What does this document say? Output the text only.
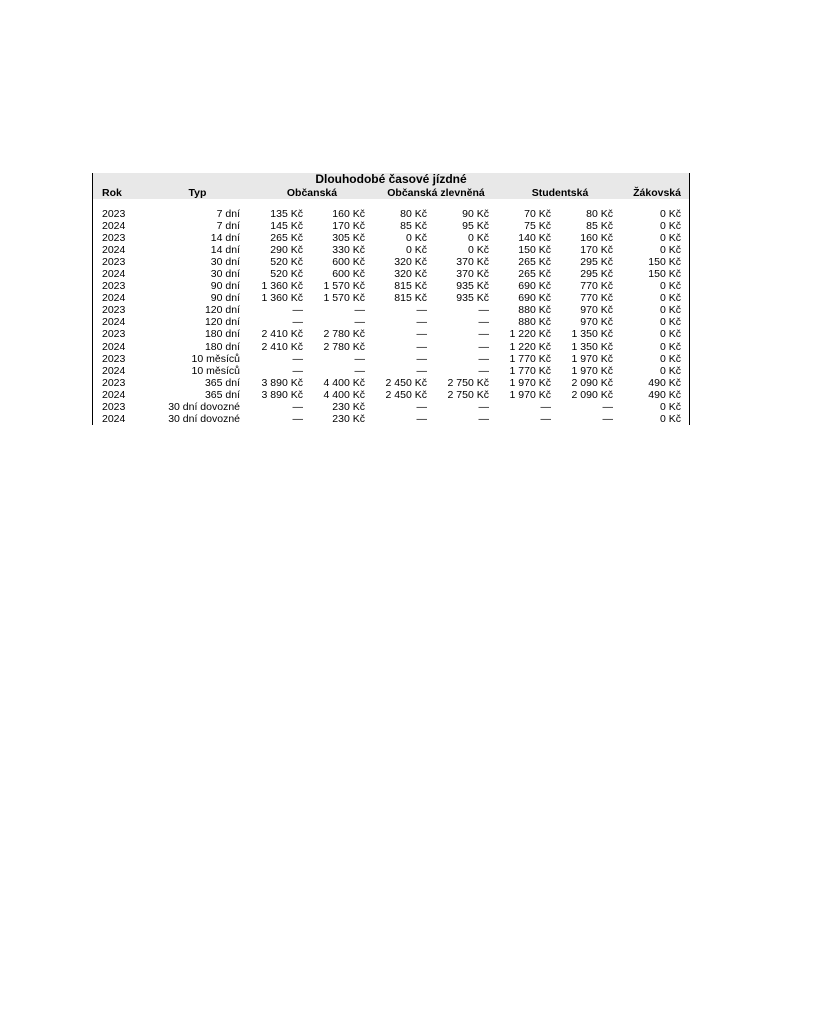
Dlouhodobé časové jízdné								
Rok	Typ	Občanská		Občanská zlevněná		Studentská		Žákovská

2023	7 dní	135 Kč	160 Kč	80 Kč	90 Kč	70 Kč	80 Kč	0 Kč
2024	7 dní	145 Kč	170 Kč	85 Kč	95 Kč	75 Kč	85 Kč	0 Kč
2023	14 dní	265 Kč	305 Kč	0 Kč	0 Kč	140 Kč	160 Kč	0 Kč
2024	14 dní	290 Kč	330 Kč	0 Kč	0 Kč	150 Kč	170 Kč	0 Kč
2023	30 dní	520 Kč	600 Kč	320 Kč	370 Kč	265 Kč	295 Kč	150 Kč
2024	30 dní	520 Kč	600 Kč	320 Kč	370 Kč	265 Kč	295 Kč	150 Kč
2023	90 dní	1 360 Kč	1 570 Kč	815 Kč	935 Kč	690 Kč	770 Kč	0 Kč
2024	90 dní	1 360 Kč	1 570 Kč	815 Kč	935 Kč	690 Kč	770 Kč	0 Kč
2023	120 dní	—	—	—	—	880 Kč	970 Kč	0 Kč
2024	120 dní	—	—	—	—	880 Kč	970 Kč	0 Kč
2023	180 dní	2 410 Kč	2 780 Kč	—	—	1 220 Kč	1 350 Kč	0 Kč
2024	180 dní	2 410 Kč	2 780 Kč	—	—	1 220 Kč	1 350 Kč	0 Kč
2023	10 měsíců	—	—	—	—	1 770 Kč	1 970 Kč	0 Kč
2024	10 měsíců	—	—	—	—	1 770 Kč	1 970 Kč	0 Kč
2023	365 dní	3 890 Kč	4 400 Kč	2 450 Kč	2 750 Kč	1 970 Kč	2 090 Kč	490 Kč
2024	365 dní	3 890 Kč	4 400 Kč	2 450 Kč	2 750 Kč	1 970 Kč	2 090 Kč	490 Kč
2023	30 dní dovozné	—	230 Kč	—	—	—	—	0 Kč
2024	30 dní dovozné	—	230 Kč	—	—	—	—	0 Kč
